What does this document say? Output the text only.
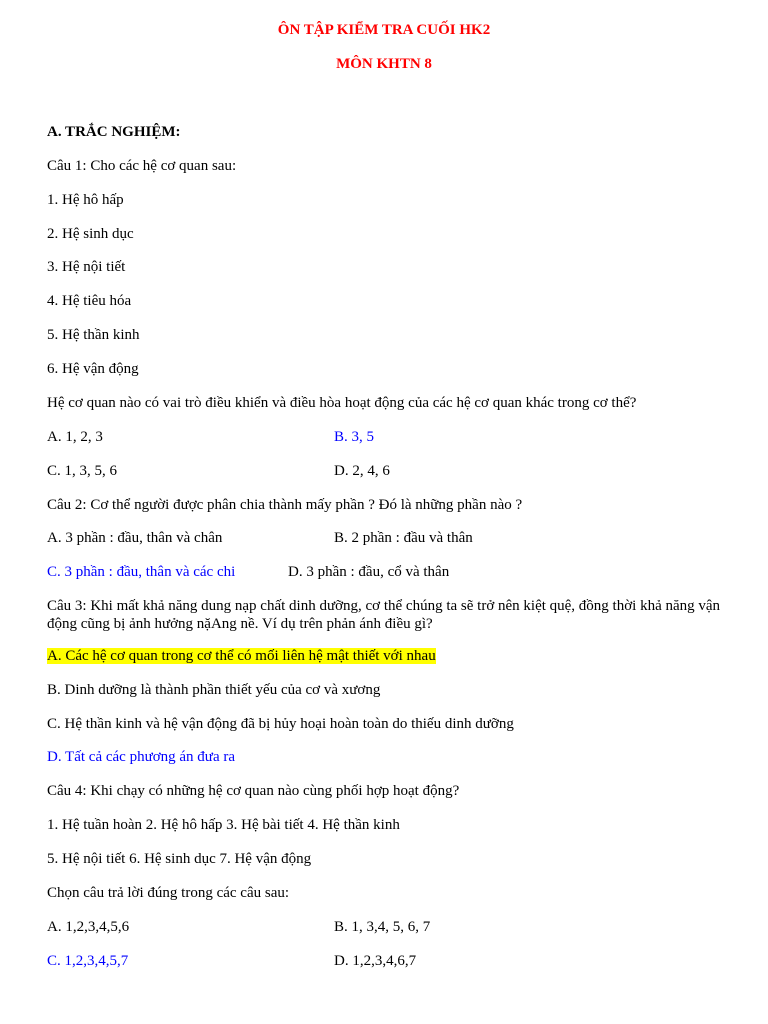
ÔN TẬP KIỂM TRA CUỐI HK2
MÔN KHTN 8
A. TRẮC NGHIỆM:
Câu 1: Cho các hệ cơ quan sau:
1. Hệ hô hấp
2. Hệ sinh dục
3. Hệ nội tiết
4. Hệ tiêu hóa
5. Hệ thần kinh
6. Hệ vận động
Hệ cơ quan nào có vai trò điều khiển và điều hòa hoạt động của các hệ cơ quan khác trong cơ thể?
A. 1, 2, 3	B. 3, 5
C. 1, 3, 5, 6	D. 2, 4, 6
Câu 2: Cơ thể người được phân chia thành mấy phần ? Đó là những phần nào ?
A. 3 phần : đầu, thân và chân	B. 2 phần : đầu và thân
C. 3 phần : đầu, thân và các chi	D. 3 phần : đầu, cổ và thân
Câu 3: Khi mất khả năng dung nạp chất dinh dưỡng, cơ thể chúng ta sẽ trở nên kiệt quệ, đồng thời khả năng vận động cũng bị ảnh hưởng nặAng nề. Ví dụ trên phản ánh điều gì?
A. Các hệ cơ quan trong cơ thể có mối liên hệ mật thiết với nhau
B. Dinh dưỡng là thành phần thiết yếu của cơ và xương
C. Hệ thần kinh và hệ vận động đã bị hủy hoại hoàn toàn do thiếu dinh dưỡng
D. Tất cả các phương án đưa ra
Câu 4: Khi chạy có những hệ cơ quan nào cùng phối hợp hoạt động?
1. Hệ tuần hoàn 2. Hệ hô hấp 3. Hệ bài tiết 4. Hệ thần kinh
5. Hệ nội tiết 6. Hệ sinh dục 7. Hệ vận động
Chọn câu trả lời đúng trong các câu sau:
A. 1,2,3,4,5,6	B. 1, 3,4, 5, 6, 7
C. 1,2,3,4,5,7	D. 1,2,3,4,6,7
